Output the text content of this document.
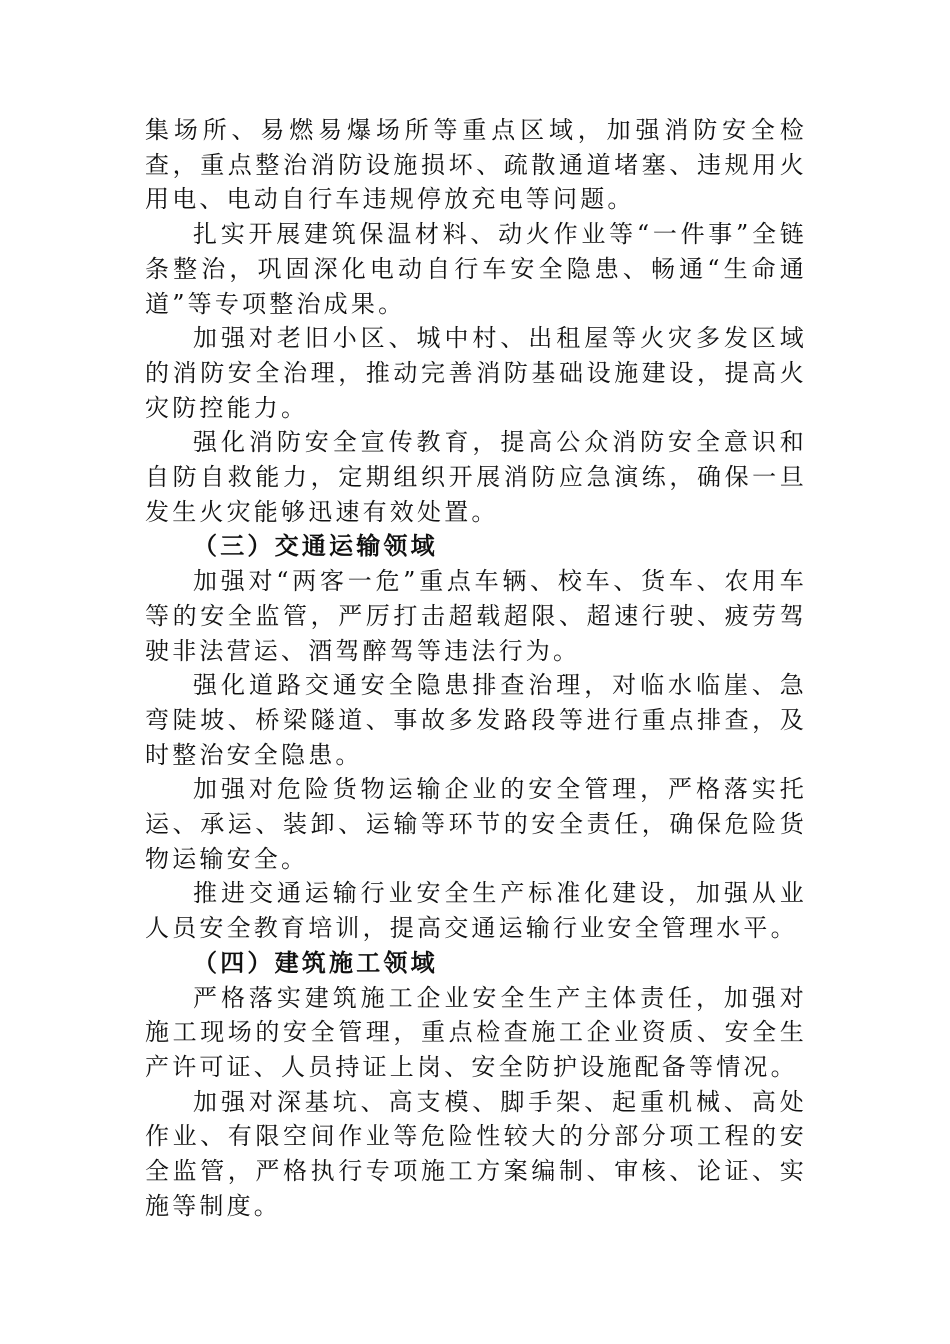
集场所、易燃易爆场所等重点区域，加强消防安全检查，重点整治消防设施损坏、疏散通道堵塞、违规用火用电、电动自行车违规停放充电等问题。

扎实开展建筑保温材料、动火作业等“一件事”全链条整治，巩固深化电动自行车安全隐患、畅通“生命通道”等专项整治成果。

加强对老旧小区、城中村、出租屋等火灾多发区域的消防安全治理，推动完善消防基础设施建设，提高火灾防控能力。

强化消防安全宣传教育，提高公众消防安全意识和自防自救能力，定期组织开展消防应急演练，确保一旦发生火灾能够迅速有效处置。

（三）交通运输领域

加强对“两客一危”重点车辆、校车、货车、农用车等的安全监管，严厉打击超载超限、超速行驶、疲劳驾驶非法营运、酒驾醉驾等违法行为。

强化道路交通安全隐患排查治理，对临水临崖、急弯陡坡、桥梁隧道、事故多发路段等进行重点排查，及时整治安全隐患。

加强对危险货物运输企业的安全管理，严格落实托运、承运、装卸、运输等环节的安全责任，确保危险货物运输安全。

推进交通运输行业安全生产标准化建设，加强从业人员安全教育培训，提高交通运输行业安全管理水平。

（四）建筑施工领域

严格落实建筑施工企业安全生产主体责任，加强对施工现场的安全管理，重点检查施工企业资质、安全生产许可证、人员持证上岗、安全防护设施配备等情况。

加强对深基坑、高支模、脚手架、起重机械、高处作业、有限空间作业等危险性较大的分部分项工程的安全监管，严格执行专项施工方案编制、审核、论证、实施等制度。
